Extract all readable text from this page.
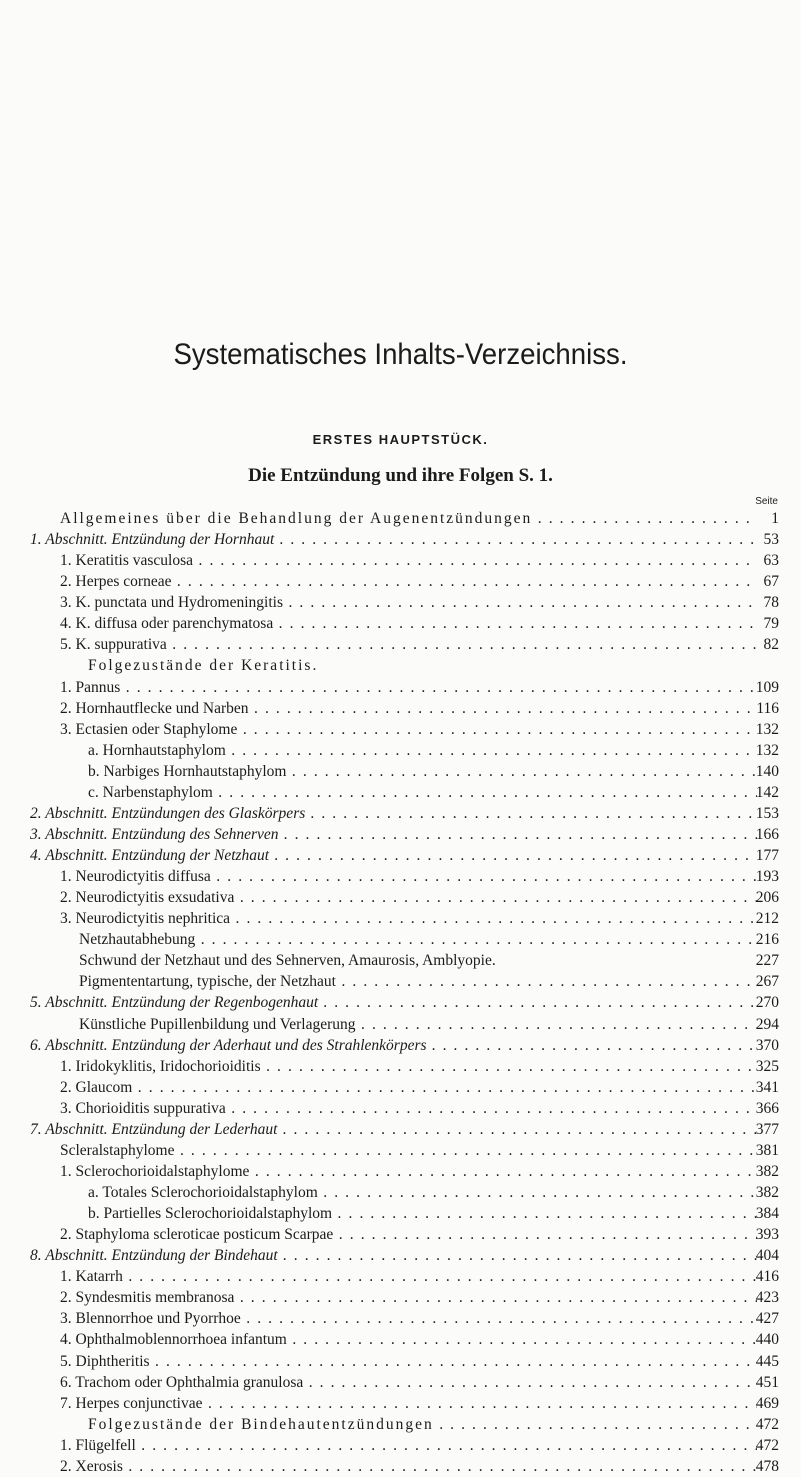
Systematisches Inhalts-Verzeichniss.
ERSTES HAUPTSTÜCK.
Die Entzündung und ihre Folgen S. 1.
Seite
Allgemeines über die Behandlung der Augenentzündungen . . .	1
1. Abschnitt. Entzündung der Hornhaut . . .	53
1. Keratitis vasculosa . . .	63
2. Herpes corneae . . .	67
3. K. punctata und Hydromeningitis . . .	78
4. K. diffusa oder parenchymatosa . . .	79
5. K. suppurativa . . .	82
Folgezustände der Keratitis.
1. Pannus . . .	109
2. Hornhautflecke und Narben . . .	116
3. Ectasien oder Staphylome . . .	132
a. Hornhautstaphylom . . .	132
b. Narbiges Hornhautstaphylom . . .	140
c. Narbenstaphylom . . .	142
2. Abschnitt. Entzündungen des Glaskörpers . . .	153
3. Abschnitt. Entzündung des Sehnerven . . .	166
4. Abschnitt. Entzündung der Netzhaut . . .	177
1. Neurodictyitis diffusa . . .	193
2. Neurodictyitis exsudativa . . .	206
3. Neurodictyitis nephritica . . .	212
Netzhautabhebung . . .	216
Schwund der Netzhaut und des Sehnerven, Amaurosis, Amblyopie.	227
Pigmententartung, typische, der Netzhaut . . .	267
5. Abschnitt. Entzündung der Regenbogenhaut . . .	270
Künstliche Pupillenbildung und Verlagerung . . .	294
6. Abschnitt. Entzündung der Aderhaut und des Strahlenkörpers . . .	370
1. Iridokyklitis, Iridochorioiditis . . .	325
2. Glaucom . . .	341
3. Chorioiditis suppurativa . . .	366
7. Abschnitt. Entzündung der Lederhaut . . .	377
Scleralstaphylome . . .	381
1. Sclerochorioidalstaphylome . . .	382
a. Totales Sclerochorioidalstaphylom . . .	382
b. Partielles Sclerochorioidalstaphylom . . .	384
2. Staphyloma scleroticae posticum Scarpae . . .	393
8. Abschnitt. Entzündung der Bindehaut . . .	404
1. Katarrh . . .	416
2. Syndesmitis membranosa . . .	423
3. Blennorrhoe und Pyorrhoe . . .	427
4. Ophthalmoblennorrhoea infantum . . .	440
5. Diphtheritis . . .	445
6. Trachom oder Ophthalmia granulosa . . .	451
7. Herpes conjunctivae . . .	469
Folgezustände der Bindehautentzündungen . . .	472
1. Flügelfell . . .	472
2. Xerosis . . .	478
